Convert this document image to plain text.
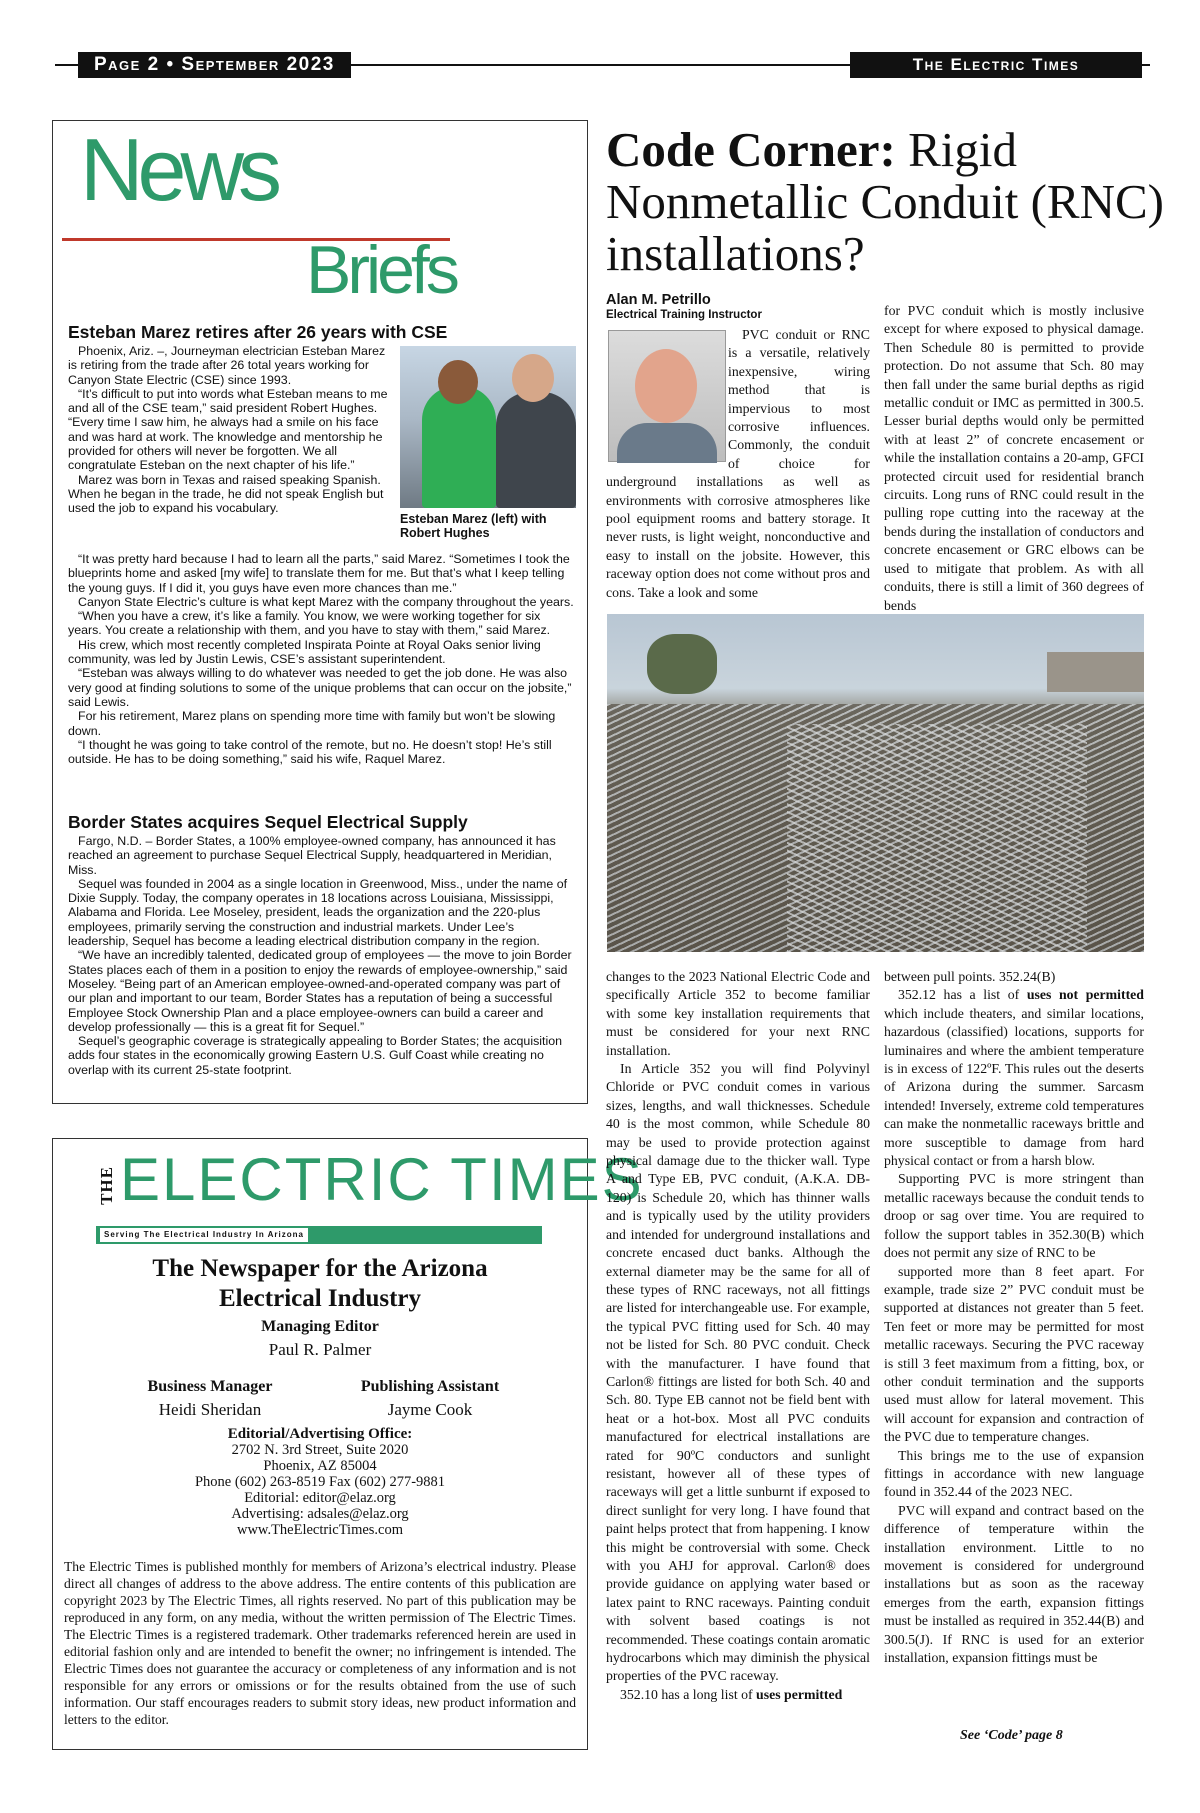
Page 2 • September 2023	The Electric Times
News
Briefs
Esteban Marez retires after 26 years with CSE
Esteban Marez (left) with Robert Hughes

Phoenix, Ariz. –, Journeyman electrician Esteban Marez is retiring from the trade after 26 total years working for Canyon State Electric (CSE) since 1993.

“It’s difficult to put into words what Esteban means to me and all of the CSE team,” said president Robert Hughes. “Every time I saw him, he always had a smile on his face and was hard at work. The knowledge and mentorship he provided for others will never be forgotten. We all congratulate Esteban on the next chapter of his life.”

Marez was born in Texas and raised speaking Spanish. When he began in the trade, he did not speak English but used the job to expand his vocabulary.

“It was pretty hard because I had to learn all the parts,” said Marez. “Sometimes I took the blueprints home and asked [my wife] to translate them for me. But that’s what I keep telling the young guys. If I did it, you guys have even more chances than me.”

Canyon State Electric’s culture is what kept Marez with the company throughout the years.

“When you have a crew, it’s like a family. You know, we were working together for six years. You create a relationship with them, and you have to stay with them,” said Marez.

His crew, which most recently completed Inspirata Pointe at Royal Oaks senior living community, was led by Justin Lewis, CSE’s assistant superintendent.

“Esteban was always willing to do whatever was needed to get the job done. He was also very good at finding solutions to some of the unique problems that can occur on the jobsite,” said Lewis.

For his retirement, Marez plans on spending more time with family but won’t be slowing down.

“I thought he was going to take control of the remote, but no. He doesn’t stop! He’s still outside. He has to be doing something,” said his wife, Raquel Marez.

Border States acquires Sequel Electrical Supply

Fargo, N.D. – Border States, a 100% employee-owned company, has announced it has reached an agreement to purchase Sequel Electrical Supply, headquartered in Meridian, Miss.

Sequel was founded in 2004 as a single location in Greenwood, Miss., under the name of Dixie Supply. Today, the company operates in 18 locations across Louisiana, Mississippi, Alabama and Florida. Lee Moseley, president, leads the organization and the 220-plus employees, primarily serving the construction and industrial markets. Under Lee’s leadership, Sequel has become a leading electrical distribution company in the region.

“We have an incredibly talented, dedicated group of employees — the move to join Border States places each of them in a position to enjoy the rewards of employee-ownership,” said Moseley. “Being part of an American employee-owned-and-operated company was part of our plan and important to our team, Border States has a reputation of being a successful Employee Stock Ownership Plan and a place employee-owners can build a career and develop professionally — this is a great fit for Sequel.”

Sequel’s geographic coverage is strategically appealing to Border States; the acquisition adds four states in the economically growing Eastern U.S. Gulf Coast while creating no overlap with its current 25-state footprint.

THE ELECTRIC TIMES
Serving The Electrical Industry In Arizona
The Newspaper for the Arizona Electrical Industry
Managing Editor
Paul R. Palmer
Business Manager
Heidi Sheridan
Publishing Assistant
Jayme Cook
Editorial/Advertising Office:
2702 N. 3rd Street, Suite 2020
Phoenix, AZ 85004
Phone (602) 263-8519 Fax (602) 277-9881
Editorial: editor@elaz.org
Advertising: adsales@elaz.org
www.TheElectricTimes.com
The Electric Times is published monthly for members of Arizona’s electrical industry. Please direct all changes of address to the above address. The entire contents of this publication are copyright 2023 by The Electric Times, all rights reserved. No part of this publication may be reproduced in any form, on any media, without the written permission of The Electric Times. The Electric Times is a registered trademark. Other trademarks referenced herein are used in editorial fashion only and are intended to benefit the owner; no infringement is intended. The Electric Times does not guarantee the accuracy or completeness of any information and is not responsible for any errors or omissions or for the results obtained from the use of such information. Our staff encourages readers to submit story ideas, new product information and letters to the editor.
Code Corner: Rigid Nonmetallic Conduit (RNC) installations?
Alan M. Petrillo
Electrical Training Instructor

PVC conduit or RNC is a versatile, relatively inexpensive, wiring method that is impervious to most corrosive influences. Commonly, the conduit of choice for underground installations as well as environments with corrosive atmospheres like pool equipment rooms and battery storage. It never rusts, is light weight, nonconductive and easy to install on the jobsite. However, this raceway option does not come without pros and cons. Take a look and some

for PVC conduit which is mostly inclusive except for where exposed to physical damage. Then Schedule 80 is permitted to provide protection. Do not assume that Sch. 80 may then fall under the same burial depths as rigid metallic conduit or IMC as permitted in 300.5. Lesser burial depths would only be permitted with at least 2” of concrete encasement or while the installation contains a 20-amp, GFCI protected circuit used for residential branch circuits. Long runs of RNC could result in the pulling rope cutting into the raceway at the bends during the installation of conductors and concrete encasement or GRC elbows can be used to mitigate that problem. As with all conduits, there is still a limit of 360 degrees of bends

changes to the 2023 National Electric Code and specifically Article 352 to become familiar with some key installation requirements that must be considered for your next RNC installation.

In Article 352 you will find Polyvinyl Chloride or PVC conduit comes in various sizes, lengths, and wall thicknesses. Schedule 40 is the most common, while Schedule 80 may be used to provide protection against physical damage due to the thicker wall. Type A and Type EB, PVC conduit, (A.K.A. DB-120) is Schedule 20, which has thinner walls and is typically used by the utility providers and intended for underground installations and concrete encased duct banks. Although the external diameter may be the same for all of these types of RNC raceways, not all fittings are listed for interchangeable use. For example, the typical PVC fitting used for Sch. 40 may not be listed for Sch. 80 PVC conduit. Check with the manufacturer. I have found that Carlon® fittings are listed for both Sch. 40 and Sch. 80. Type EB cannot not be field bent with heat or a hot-box. Most all PVC conduits manufactured for electrical installations are rated for 90ºC conductors and sunlight resistant, however all of these types of raceways will get a little sunburnt if exposed to direct sunlight for very long. I have found that paint helps protect that from happening. I know this might be controversial with some. Check with you AHJ for approval. Carlon® does provide guidance on applying water based or latex paint to RNC raceways. Painting conduit with solvent based coatings is not recommended. These coatings contain aromatic hydrocarbons which may diminish the physical properties of the PVC raceway.

352.10 has a long list of uses permitted

between pull points. 352.24(B)

352.12 has a list of uses not permitted which include theaters, and similar locations, hazardous (classified) locations, supports for luminaires and where the ambient temperature is in excess of 122ºF. This rules out the deserts of Arizona during the summer. Sarcasm intended! Inversely, extreme cold temperatures can make the nonmetallic raceways brittle and more susceptible to damage from hard physical contact or from a harsh blow.

Supporting PVC is more stringent than metallic raceways because the conduit tends to droop or sag over time. You are required to follow the support tables in 352.30(B) which does not permit any size of RNC to be

supported more than 8 feet apart. For example, trade size 2” PVC conduit must be supported at distances not greater than 5 feet. Ten feet or more may be permitted for most metallic raceways. Securing the PVC raceway is still 3 feet maximum from a fitting, box, or other conduit termination and the supports used must allow for lateral movement. This will account for expansion and contraction of the PVC due to temperature changes.

This brings me to the use of expansion fittings in accordance with new language found in 352.44 of the 2023 NEC.

PVC will expand and contract based on the difference of temperature within the installation environment. Little to no movement is considered for underground installations but as soon as the raceway emerges from the earth, expansion fittings must be installed as required in 352.44(B) and 300.5(J). If RNC is used for an exterior installation, expansion fittings must be

See ‘Code’ page 8
